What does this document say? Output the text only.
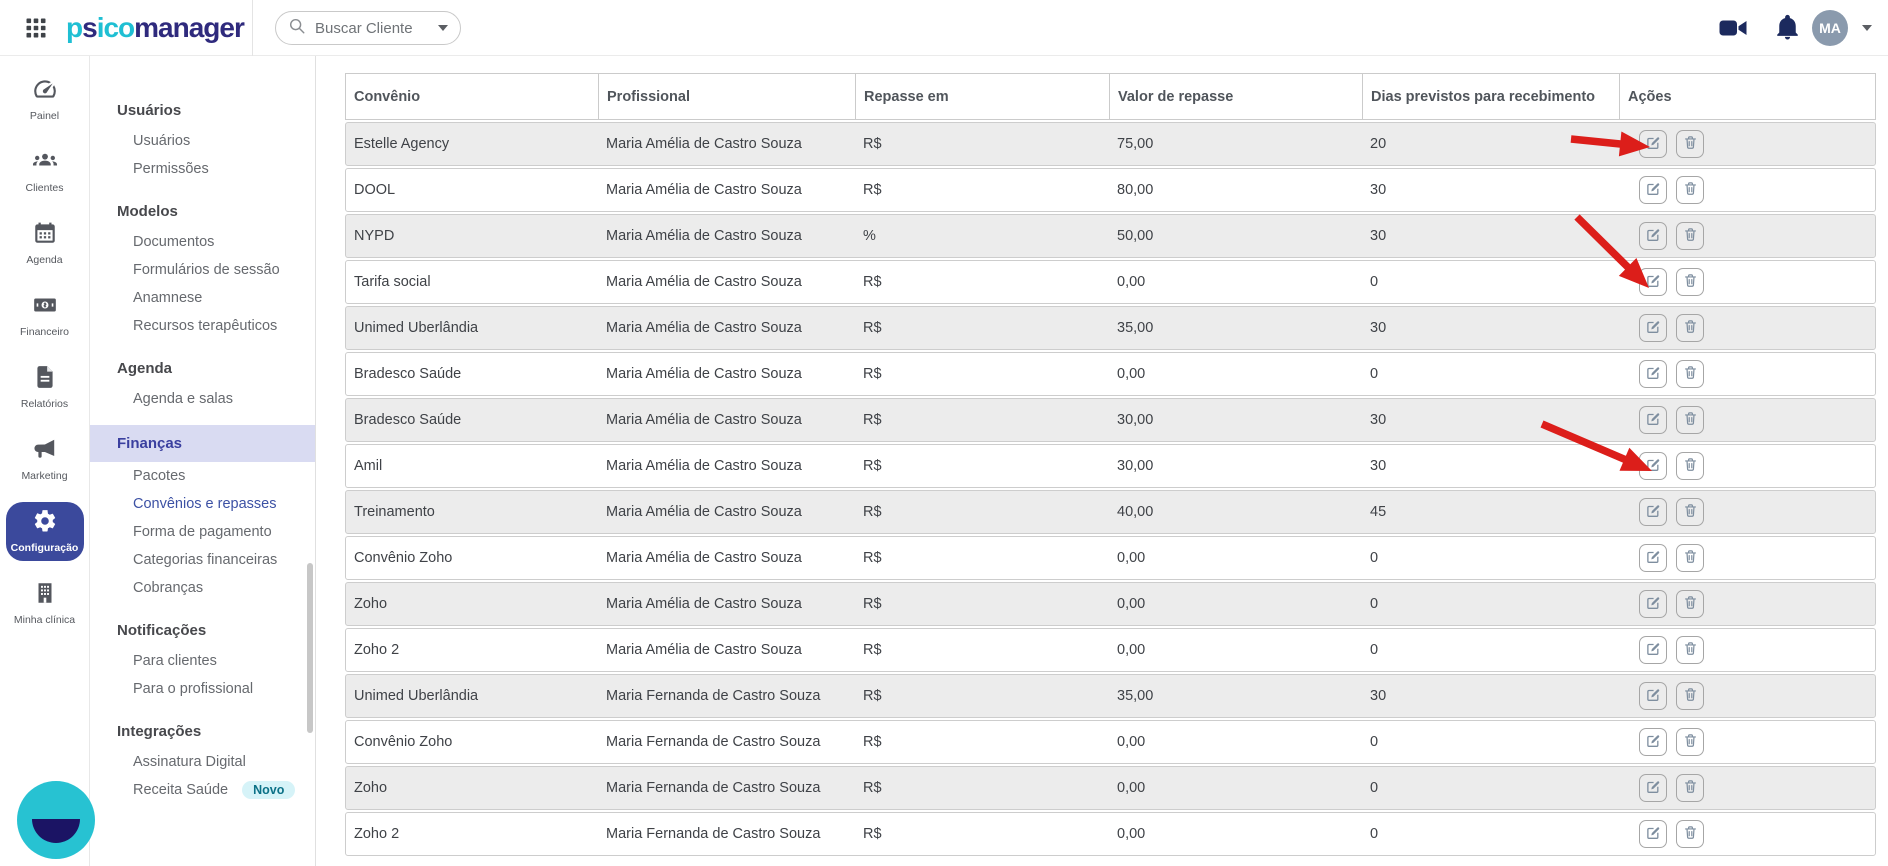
psicomanager	Buscar Cliente	MA
Painel
Clientes
Agenda
Financeiro
Relatórios
Marketing
Configuração
Minha clínica
Usuários
Usuários
Permissões
Modelos
Documentos
Formulários de sessão
Anamnese
Recursos terapêuticos
Agenda
Agenda e salas
Finanças
Pacotes
Convênios e repasses
Forma de pagamento
Categorias financeiras
Cobranças
Notificações
Para clientes
Para o profissional
Integrações
Assinatura Digital
Receita Saúde	Novo
Convênio	Profissional	Repasse em	Valor de repasse	Dias previstos para recebimento	Ações
Estelle Agency	Maria Amélia de Castro Souza	R$	75,00	20
DOOL	Maria Amélia de Castro Souza	R$	80,00	30
NYPD	Maria Amélia de Castro Souza	%	50,00	30
Tarifa social	Maria Amélia de Castro Souza	R$	0,00	0
Unimed Uberlândia	Maria Amélia de Castro Souza	R$	35,00	30
Bradesco Saúde	Maria Amélia de Castro Souza	R$	0,00	0
Bradesco Saúde	Maria Amélia de Castro Souza	R$	30,00	30
Amil	Maria Amélia de Castro Souza	R$	30,00	30
Treinamento	Maria Amélia de Castro Souza	R$	40,00	45
Convênio Zoho	Maria Amélia de Castro Souza	R$	0,00	0
Zoho	Maria Amélia de Castro Souza	R$	0,00	0
Zoho 2	Maria Amélia de Castro Souza	R$	0,00	0
Unimed Uberlândia	Maria Fernanda de Castro Souza	R$	35,00	30
Convênio Zoho	Maria Fernanda de Castro Souza	R$	0,00	0
Zoho	Maria Fernanda de Castro Souza	R$	0,00	0
Zoho 2	Maria Fernanda de Castro Souza	R$	0,00	0
